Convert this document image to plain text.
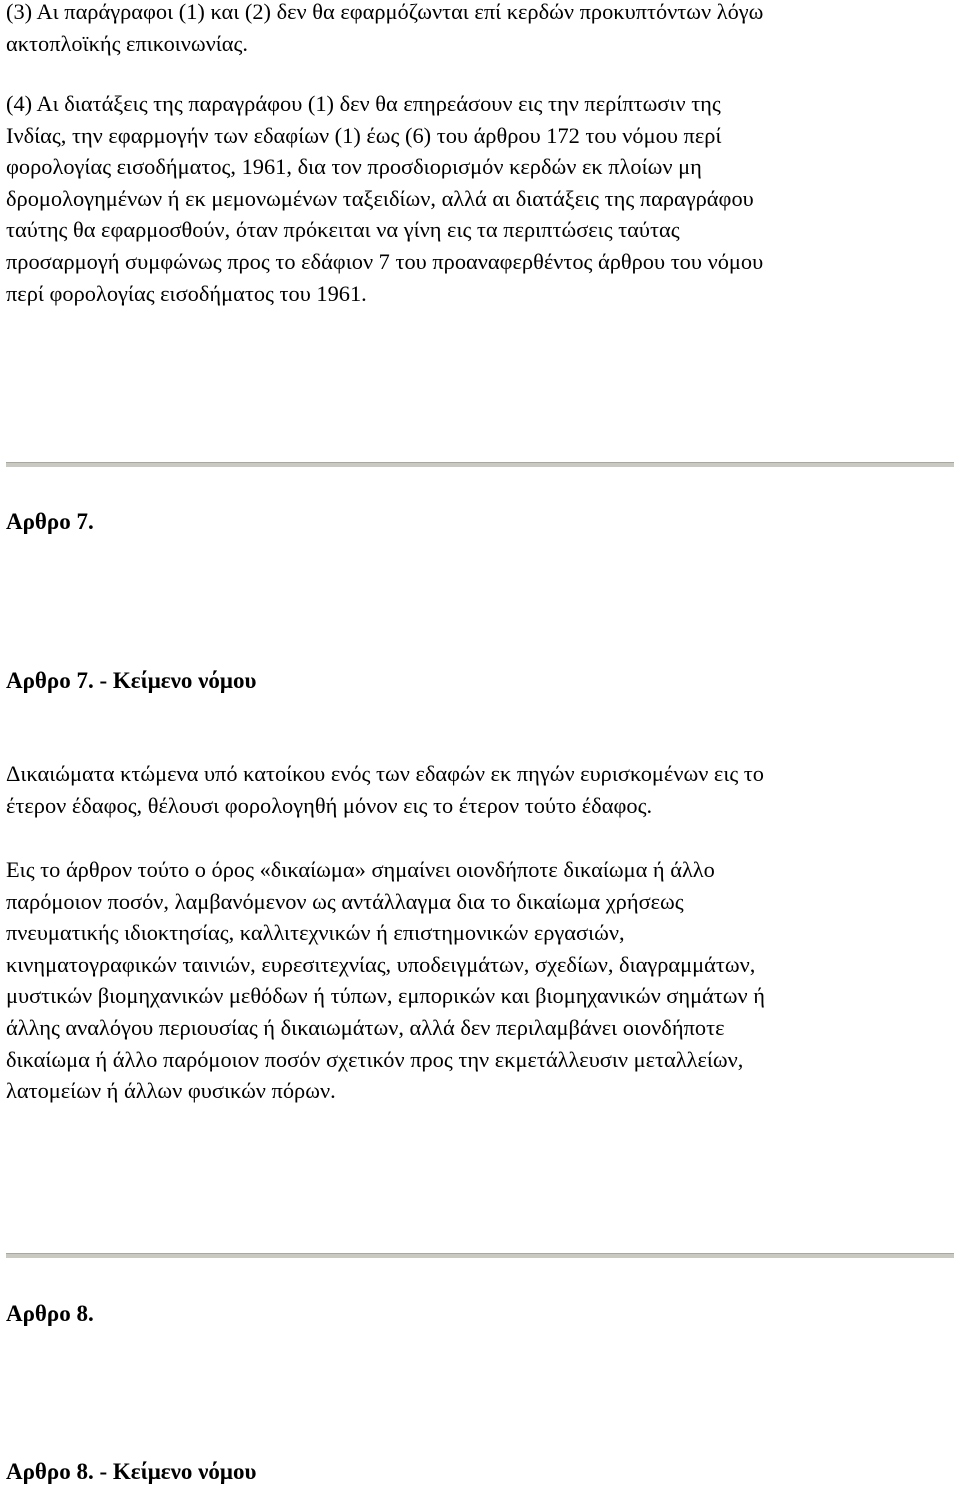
(3) Αι παράγραφοι (1) και (2) δεν θα εφαρμόζωνται επί κερδών προκυπτόντων λόγω
ακτοπλοϊκής επικοινωνίας.

(4) Αι διατάξεις της παραγράφου (1) δεν θα επηρεάσουν εις την περίπτωσιν της
Ινδίας, την εφαρμογήν των εδαφίων (1) έως (6) του άρθρου 172 του νόμου περί
φορολογίας εισοδήματος, 1961, δια τον προσδιορισμόν κερδών εκ πλοίων μη
δρομολογημένων ή εκ μεμονωμένων ταξειδίων, αλλά αι διατάξεις της παραγράφου
ταύτης θα εφαρμοσθούν, όταν πρόκειται να γίνη εις τα περιπτώσεις ταύτας
προσαρμογή συμφώνως προς το εδάφιον 7 του προαναφερθέντος άρθρου του νόμου
περί φορολογίας εισοδήματος του 1961.

Αρθρο 7.
Αρθρο 7. - Κείμενο νόμου

Δικαιώματα κτώμενα υπό κατοίκου ενός των εδαφών εκ πηγών ευρισκομένων εις το
έτερον έδαφος, θέλουσι φορολογηθή μόνον εις το έτερον τούτο έδαφος.

Εις το άρθρον τούτο ο όρος «δικαίωμα» σημαίνει οιονδήποτε δικαίωμα ή άλλο
παρόμοιον ποσόν, λαμβανόμενον ως αντάλλαγμα δια το δικαίωμα χρήσεως
πνευματικής ιδιοκτησίας, καλλιτεχνικών ή επιστημονικών εργασιών,
κινηματογραφικών ταινιών, ευρεσιτεχνίας, υποδειγμάτων, σχεδίων, διαγραμμάτων,
μυστικών βιομηχανικών μεθόδων ή τύπων, εμπορικών και βιομηχανικών σημάτων ή
άλλης αναλόγου περιουσίας ή δικαιωμάτων, αλλά δεν περιλαμβάνει οιονδήποτε
δικαίωμα ή άλλο παρόμοιον ποσόν σχετικόν προς την εκμετάλλευσιν μεταλλείων,
λατομείων ή άλλων φυσικών πόρων.

Αρθρο 8.
Αρθρο 8. - Κείμενο νόμου
